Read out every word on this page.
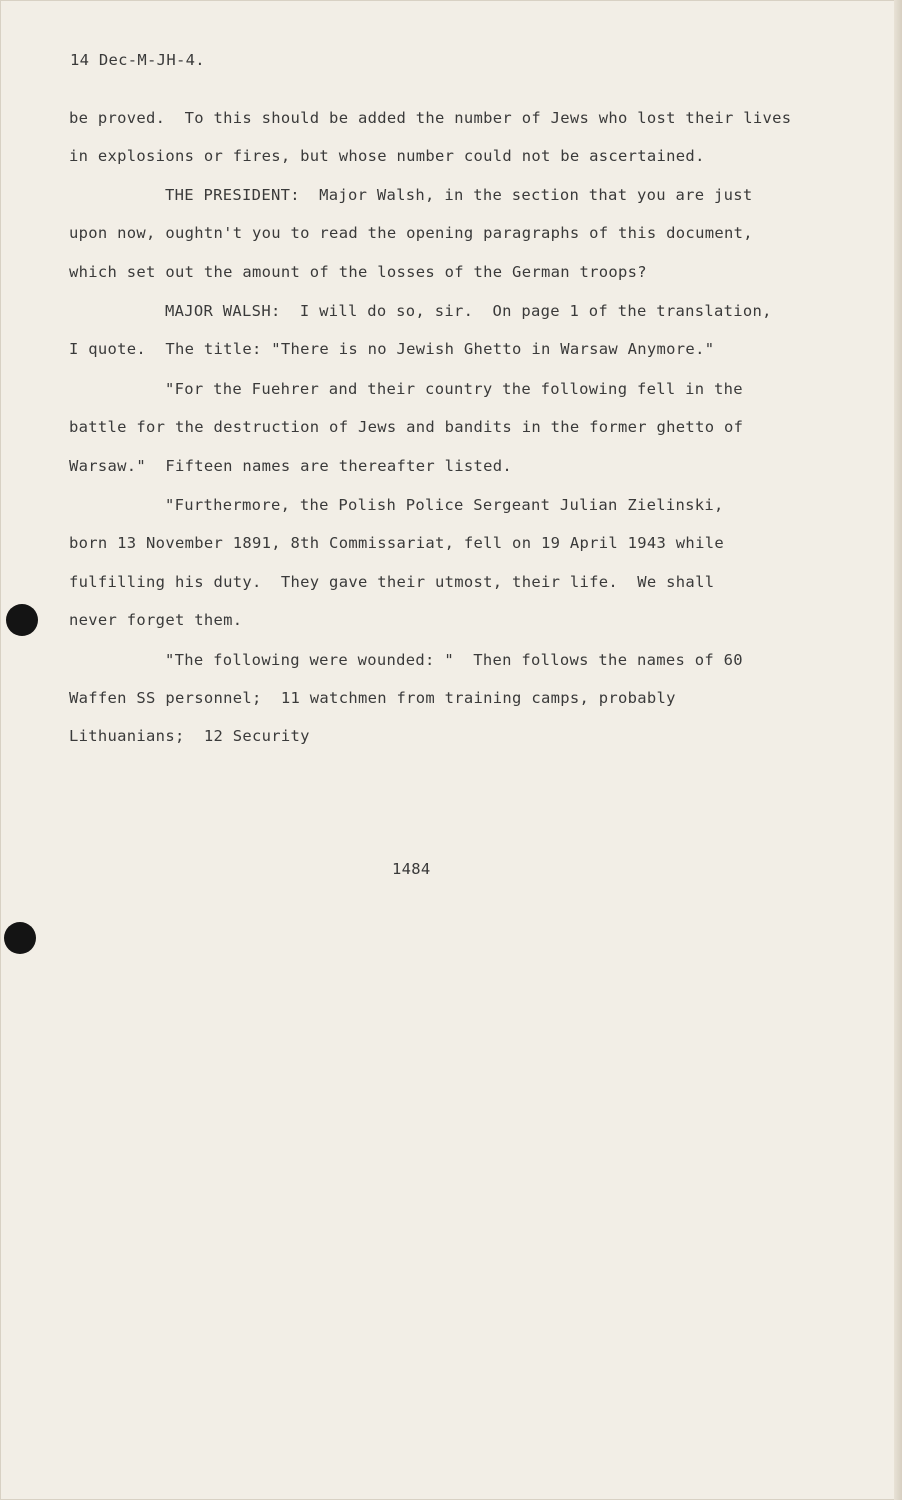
14 Dec-M-JH-4.
be proved.  To this should be added the number of Jews who lost their lives
in explosions or fires, but whose number could not be ascertained.
THE PRESIDENT:  Major Walsh, in the section that you are just
upon now, oughtn't you to read the opening paragraphs of this document,
which set out the amount of the losses of the German troops?
MAJOR WALSH:  I will do so, sir.  On page 1 of the translation,
I quote.  The title: "There is no Jewish Ghetto in Warsaw Anymore."
"For the Fuehrer and their country the following fell in the
battle for the destruction of Jews and bandits in the former ghetto of
Warsaw."  Fifteen names are thereafter listed.
"Furthermore, the Polish Police Sergeant Julian Zielinski,
born 13 November 1891, 8th Commissariat, fell on 19 April 1943 while
fulfilling his duty.  They gave their utmost, their life.  We shall
never forget them.
"The following were wounded: "  Then follows the names of 60
Waffen SS personnel;  11 watchmen from training camps, probably
Lithuanians;  12 Security
1484
